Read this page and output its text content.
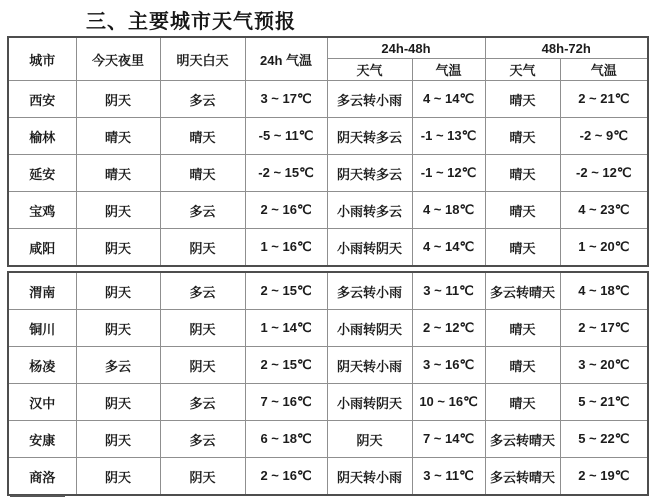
三、主要城市天气预报
城市	今天夜里	明天白天	24h 气温	24h-48h		48h-72h	
				天气	气温	天气	气温
西安	阴天	多云	3 ~ 17℃	多云转小雨	4 ~ 14℃	晴天	2 ~ 21℃
榆林	晴天	晴天	-5 ~ 11℃	阴天转多云	-1 ~ 13℃	晴天	-2 ~ 9℃
延安	晴天	晴天	-2 ~ 15℃	阴天转多云	-1 ~ 12℃	晴天	-2 ~ 12℃
宝鸡	阴天	多云	2 ~ 16℃	小雨转多云	4 ~ 18℃	晴天	4 ~ 23℃
咸阳	阴天	阴天	1 ~ 16℃	小雨转阴天	4 ~ 14℃	晴天	1 ~ 20℃
渭南	阴天	多云	2 ~ 15℃	多云转小雨	3 ~ 11℃	多云转晴天	4 ~ 18℃
铜川	阴天	阴天	1 ~ 14℃	小雨转阴天	2 ~ 12℃	晴天	2 ~ 17℃
杨凌	多云	阴天	2 ~ 15℃	阴天转小雨	3 ~ 16℃	晴天	3 ~ 20℃
汉中	阴天	多云	7 ~ 16℃	小雨转阴天	10 ~ 16℃	晴天	5 ~ 21℃
安康	阴天	多云	6 ~ 18℃	阴天	7 ~ 14℃	多云转晴天	5 ~ 22℃
商洛	阴天	阴天	2 ~ 16℃	阴天转小雨	3 ~ 11℃	多云转晴天	2 ~ 19℃
